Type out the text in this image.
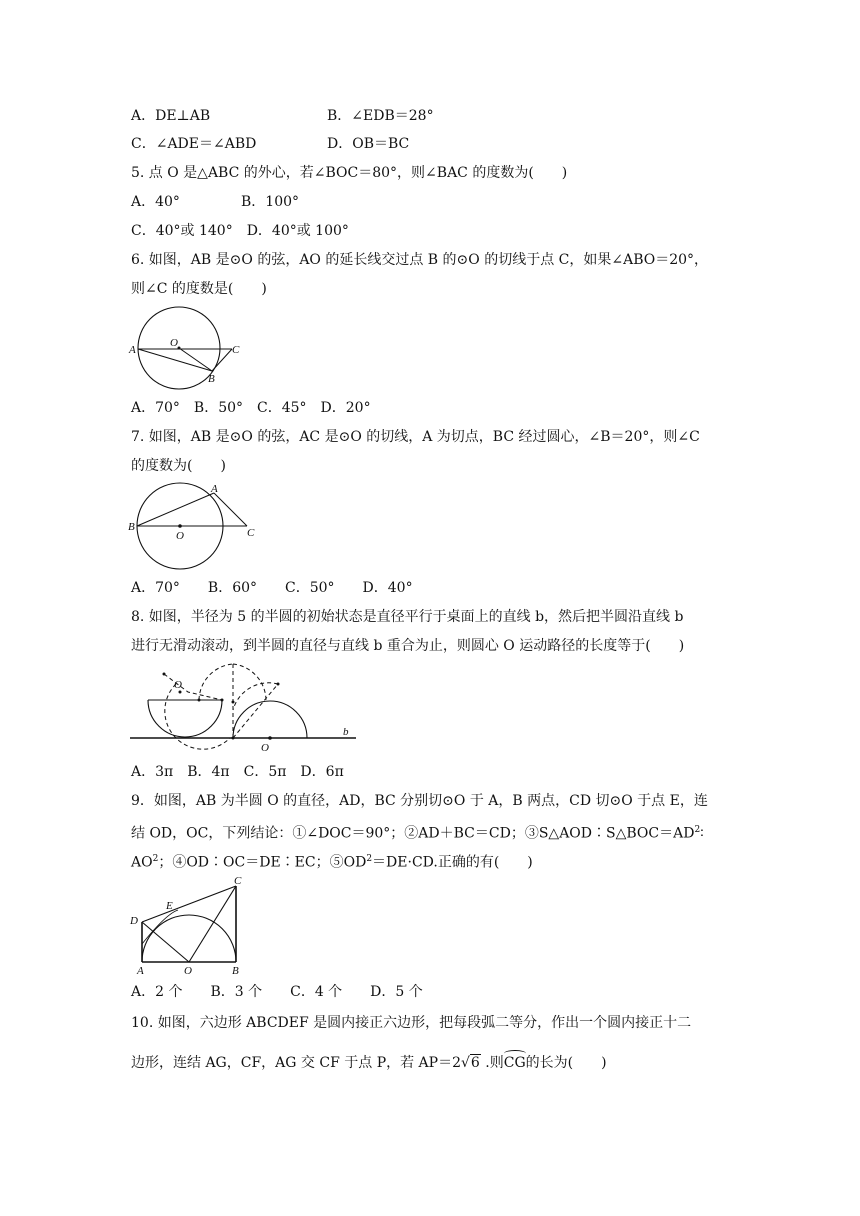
A．DE⊥AB	B．∠EDB＝28°
C．∠ADE＝∠ABD	D．OB＝BC
5. 点 O 是△ABC 的外心，若∠BOC＝80°，则∠BAC 的度数为(　　)
A．40°	B．100°
C．40°或 140°　D．40°或 100°
6. 如图，AB 是⊙O 的弦，AO 的延长线交过点 B 的⊙O 的切线于点 C，如果∠ABO＝20°，
则∠C 的度数是(　　)
A
O
C
B
A．70°　B．50°　C．45°　D．20°
7. 如图，AB 是⊙O 的弦，AC 是⊙O 的切线，A 为切点，BC 经过圆心，∠B＝20°，则∠C
的度数为(　　)
A
B
O	C
A．70°　　B．60°　　C．50°　　D．40°
8. 如图，半径为 5 的半圆的初始状态是直径平行于桌面上的直线 b，然后把半圆沿直线 b
进行无滑动滚动，到半圆的直径与直线 b 重合为止，则圆心 O 运动路径的长度等于(　　)
O
O
b
A．3π　B．4π　C．5π　D．6π
9．如图，AB 为半圆 O 的直径，AD，BC 分别切⊙O 于 A，B 两点，CD 切⊙O 于点 E，连
结 OD，OC，下列结论：①∠DOC＝90°；②AD＋BC＝CD；$③S\triangle AOD∶S\triangle BOC=AD^2∶$
$AO^2$；④OD∶OC＝DE∶EC；$⑤OD^2=DE\cdot CD$.正确的有(　　)
C
D
E
A	O	B
A．2 个　　B．3 个　　C．4 个　　D．5 个
10. 如图，六边形 ABCDEF 是圆内接正六边形，把每段弧二等分，作出一个圆内接正十二
边形，连结 AG，CF，AG 交 CF 于点 P，若 AP＝2√6 .则CG的长为(　　)
